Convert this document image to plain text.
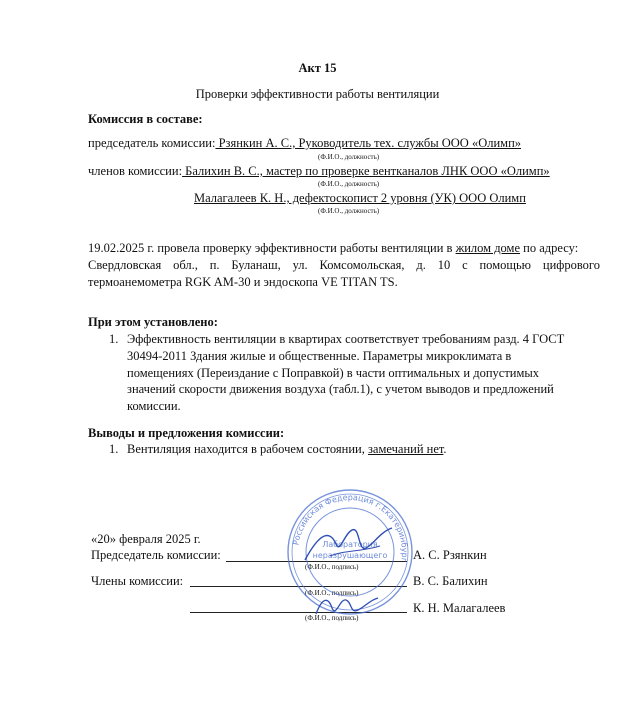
Акт 15
Проверки эффективности работы вентиляции
Комиссия в составе:
председатель комиссии: Рзянкин А. С., Руководитель тех. службы ООО «Олимп»
(Ф.И.О., должность)
членов комиссии: Балихин В. С., мастер по проверке вентканалов ЛНК ООО «Олимп»
(Ф.И.О., должность)
Малагалеев К. Н., дефектоскопист 2 уровня (УК) ООО Олимп
(Ф.И.О., должность)
19.02.2025 г. провела проверку эффективности работы вентиляции в жилом доме по адресу:
Свердловская обл., п. Буланаш, ул. Комсомольская, д. 10 с помощью цифрового
термоанемометра RGK AM-30 и эндоскопа VE TITAN TS.
При этом установлено:
1. Эффективность вентиляции в квартирах соответствует требованиям разд. 4 ГОСТ
30494-2011 Здания жилые и общественные. Параметры микроклимата в
помещениях (Переиздание с Поправкой) в части оптимальных и допустимых
значений скорости движения воздуха (табл.1), с учетом выводов и предложений
комиссии.
Выводы и предложения комиссии:
1. Вентиляция находится в рабочем состоянии, замечаний нет.
«20» февраля 2025 г.
Председатель комиссии:	А. С. Рзянкин
(Ф.И.О., подпись)
Члены комиссии:	В. С. Балихин
(Ф.И.О., подпись)
К. Н. Малагалеев
(Ф.И.О., подпись)
Российская Федерация г.Екатеринбург
Лаборатория
неразрушающего
